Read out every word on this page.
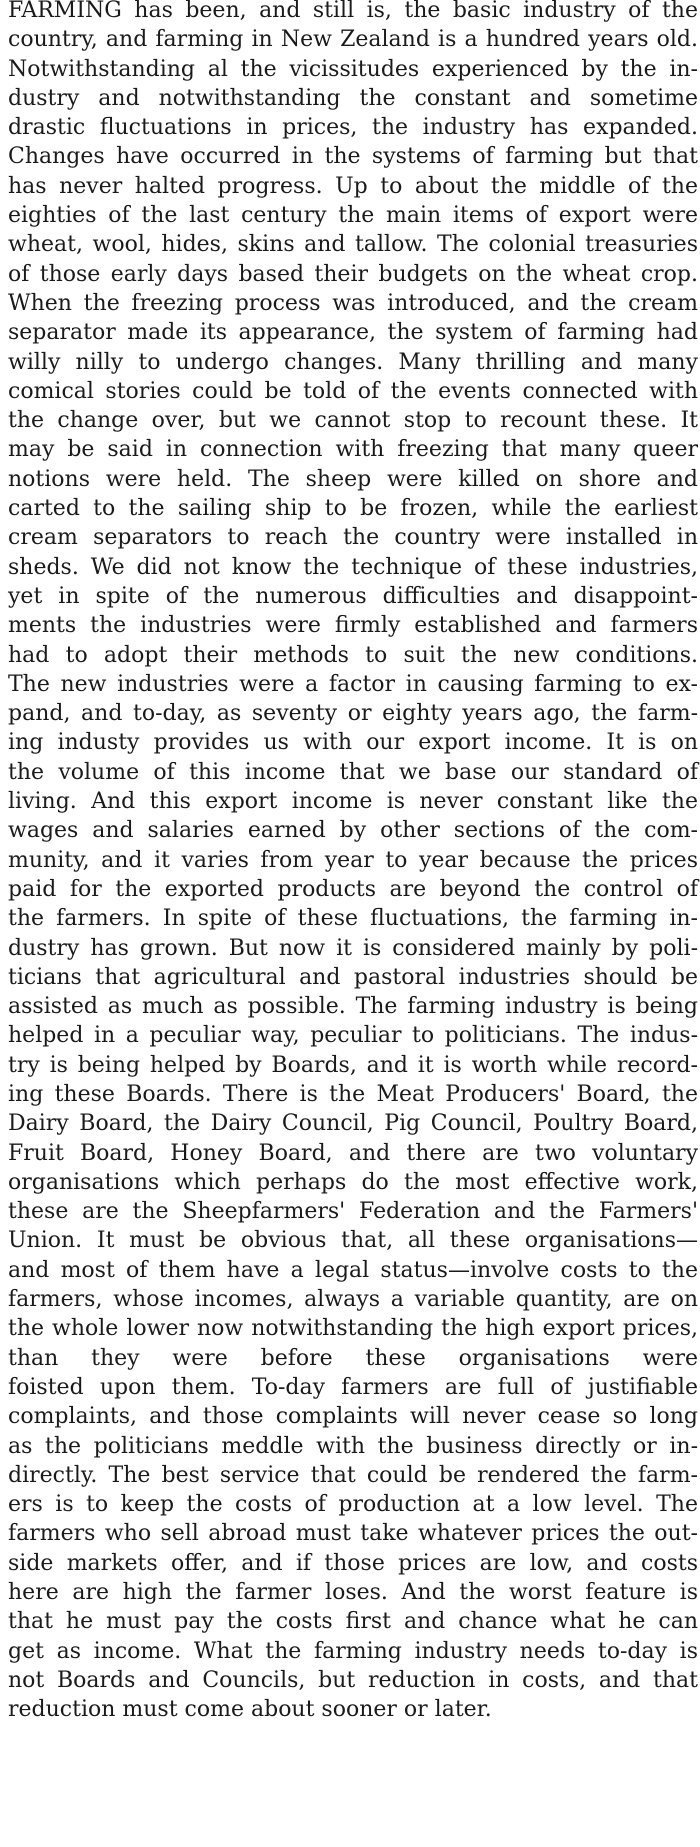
FARMING has been, and still is, the basic industry of the
country, and farming in New Zealand is a hundred years old.
Notwithstanding al the vicissitudes experienced by the in-
dustry and notwithstanding the constant and sometime
drastic fluctuations in prices, the industry has expanded.
Changes have occurred in the systems of farming but that
has never halted progress. Up to about the middle of the
eighties of the last century the main items of export were
wheat, wool, hides, skins and tallow. The colonial treasuries
of those early days based their budgets on the wheat crop.
When the freezing process was introduced, and the cream
separator made its appearance, the system of farming had
willy nilly to undergo changes. Many thrilling and many
comical stories could be told of the events connected with
the change over, but we cannot stop to recount these. It
may be said in connection with freezing that many queer
notions were held. The sheep were killed on shore and
carted to the sailing ship to be frozen, while the earliest
cream separators to reach the country were installed in
sheds. We did not know the technique of these industries,
yet in spite of the numerous difficulties and disappoint-
ments the industries were firmly established and farmers
had to adopt their methods to suit the new conditions.
The new industries were a factor in causing farming to ex-
pand, and to-day, as seventy or eighty years ago, the farm-
ing industy provides us with our export income. It is on
the volume of this income that we base our standard of
living. And this export income is never constant like the
wages and salaries earned by other sections of the com-
munity, and it varies from year to year because the prices
paid for the exported products are beyond the control of
the farmers. In spite of these fluctuations, the farming in-
dustry has grown. But now it is considered mainly by poli-
ticians that agricultural and pastoral industries should be
assisted as much as possible. The farming industry is being
helped in a peculiar way, peculiar to politicians. The indus-
try is being helped by Boards, and it is worth while record-
ing these Boards. There is the Meat Producers' Board, the
Dairy Board, the Dairy Council, Pig Council, Poultry Board,
Fruit Board, Honey Board, and there are two voluntary
organisations which perhaps do the most effective work,
these are the Sheepfarmers' Federation and the Farmers'
Union. It must be obvious that, all these organisations—
and most of them have a legal status—involve costs to the
farmers, whose incomes, always a variable quantity, are on
the whole lower now notwithstanding the high export prices,
than they were before these organisations were
foisted upon them. To-day farmers are full of justifiable
complaints, and those complaints will never cease so long
as the politicians meddle with the business directly or in-
directly. The best service that could be rendered the farm-
ers is to keep the costs of production at a low level. The
farmers who sell abroad must take whatever prices the out-
side markets offer, and if those prices are low, and costs
here are high the farmer loses. And the worst feature is
that he must pay the costs first and chance what he can
get as income. What the farming industry needs to-day is
not Boards and Councils, but reduction in costs, and that
reduction must come about sooner or later.
